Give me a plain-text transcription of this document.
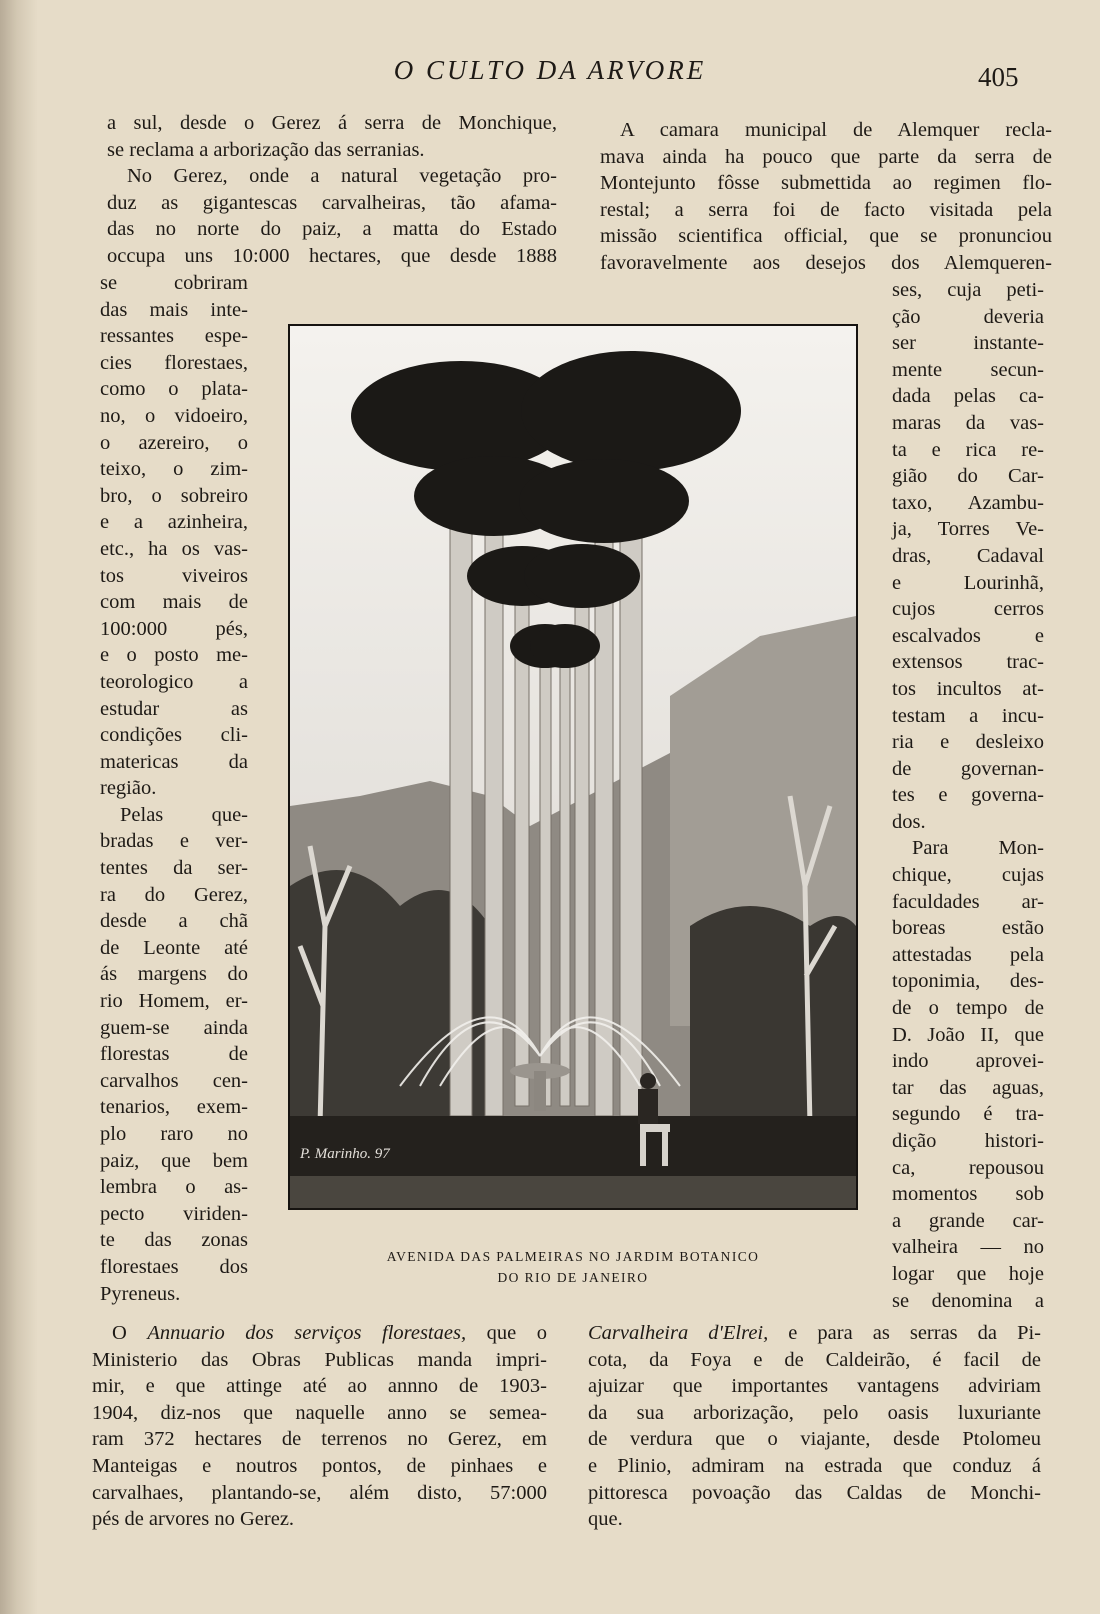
O CULTO DA ARVORE	405

a sul, desde o Gerez á serra de Monchique,

se reclama a arborização das serranias.

No Gerez, onde a natural vegetação pro-

duz as gigantescas carvalheiras, tão afama-

das no norte do paiz, a matta do Estado

occupa uns 10:000 hectares, que desde 1888

se cobriram

das mais inte-

ressantes espe-

cies florestaes,

como o plata-

no, o vidoeiro,

o azereiro, o

teixo, o zim-

bro, o sobreiro

e a azinheira,

etc., ha os vas-

tos viveiros

com mais de

100:000 pés,

e o posto me-

teorologico a

estudar as

condições cli-

matericas da

região.

Pelas que-

bradas e ver-

tentes da ser-

ra do Gerez,

desde a chã

de Leonte até

ás margens do

rio Homem, er-

guem-se ainda

florestas de

carvalhos cen-

tenarios, exem-

plo raro no

paiz, que bem

lembra o as-

pecto viriden-

te das zonas

florestaes dos

Pyreneus.

A camara municipal de Alemquer recla-

mava ainda ha pouco que parte da serra de

Montejunto fôsse submettida ao regimen flo-

restal; a serra foi de facto visitada pela

missão scientifica official, que se pronunciou

favoravelmente aos desejos dos Alemqueren-

ses, cuja peti-

ção deveria

ser instante-

mente secun-

dada pelas ca-

maras da vas-

ta e rica re-

gião do Car-

taxo, Azambu-

ja, Torres Ve-

dras, Cadaval

e Lourinhã,

cujos cerros

escalvados e

extensos trac-

tos incultos at-

testam a incu-

ria e desleixo

de governan-

tes e governa-

dos.

Para Mon-

chique, cujas

faculdades ar-

boreas estão

attestadas pela

toponimia, des-

de o tempo de

D. João II, que

indo aprovei-

tar das aguas,

segundo é tra-

dição histori-

ca, repousou

momentos sob

a grande car-

valheira — no

logar que hoje

se denomina a

O Annuario dos serviços florestaes, que o

Ministerio das Obras Publicas manda impri-

mir, e que attinge até ao annno de 1903-

1904, diz-nos que naquelle anno se semea-

ram 372 hectares de terrenos no Gerez, em

Manteigas e noutros pontos, de pinhaes e

carvalhaes, plantando-se, além disto, 57:000

pés de arvores no Gerez.

Carvalheira d'Elrei, e para as serras da Pi-

cota, da Foya e de Caldeirão, é facil de

ajuizar que importantes vantagens adviriam

da sua arborização, pelo oasis luxuriante

de verdura que o viajante, desde Ptolomeu

e Plinio, admiram na estrada que conduz á

pittoresca povoação das Caldas de Monchi-

que.

P. Marinho. 97
AVENIDA DAS PALMEIRAS NO JARDIM BOTANICO
DO RIO DE JANEIRO
